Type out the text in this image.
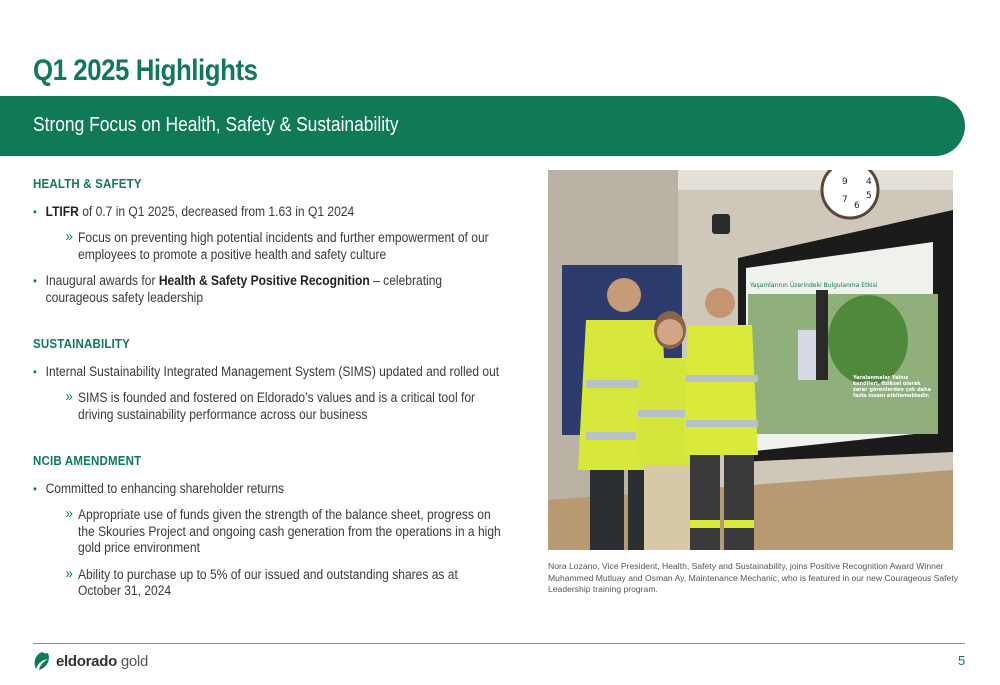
Q1 2025 Highlights
Strong Focus on Health, Safety & Sustainability
HEALTH & SAFETY
• LTIFR of 0.7 in Q1 2025, decreased from 1.63 in Q1 2024
» Focus on preventing high potential incidents and further empowerment of our employees to promote a positive health and safety culture
• Inaugural awards for Health & Safety Positive Recognition – celebrating courageous safety leadership
SUSTAINABILITY
• Internal Sustainability Integrated Management System (SIMS) updated and rolled out
» SIMS is founded and fostered on Eldorado’s values and is a critical tool for driving sustainability performance across our business
NCIB AMENDMENT
• Committed to enhancing shareholder returns
» Appropriate use of funds given the strength of the balance sheet, progress on the Skouries Project and ongoing cash generation from the operations in a high gold price environment
» Ability to purchase up to 5% of our issued and outstanding shares as at October 31, 2024
9 4
5
6
7
Yaşamlarının Üzerindeki Bulgulanma Etkisi
Yaralanmalar Yalnız kendileri, fiziksel olarak zarar görenlerden çok daha fazla insanı etkilemektedir.
Nora Lozano, Vice President, Health, Safety and Sustainability, joins Positive Recognition Award Winner Muhammed Mutluay and Osman Ay, Maintenance Mechanic, who is featured in our new Courageous Safety Leadership training program.
eldorado gold	5
